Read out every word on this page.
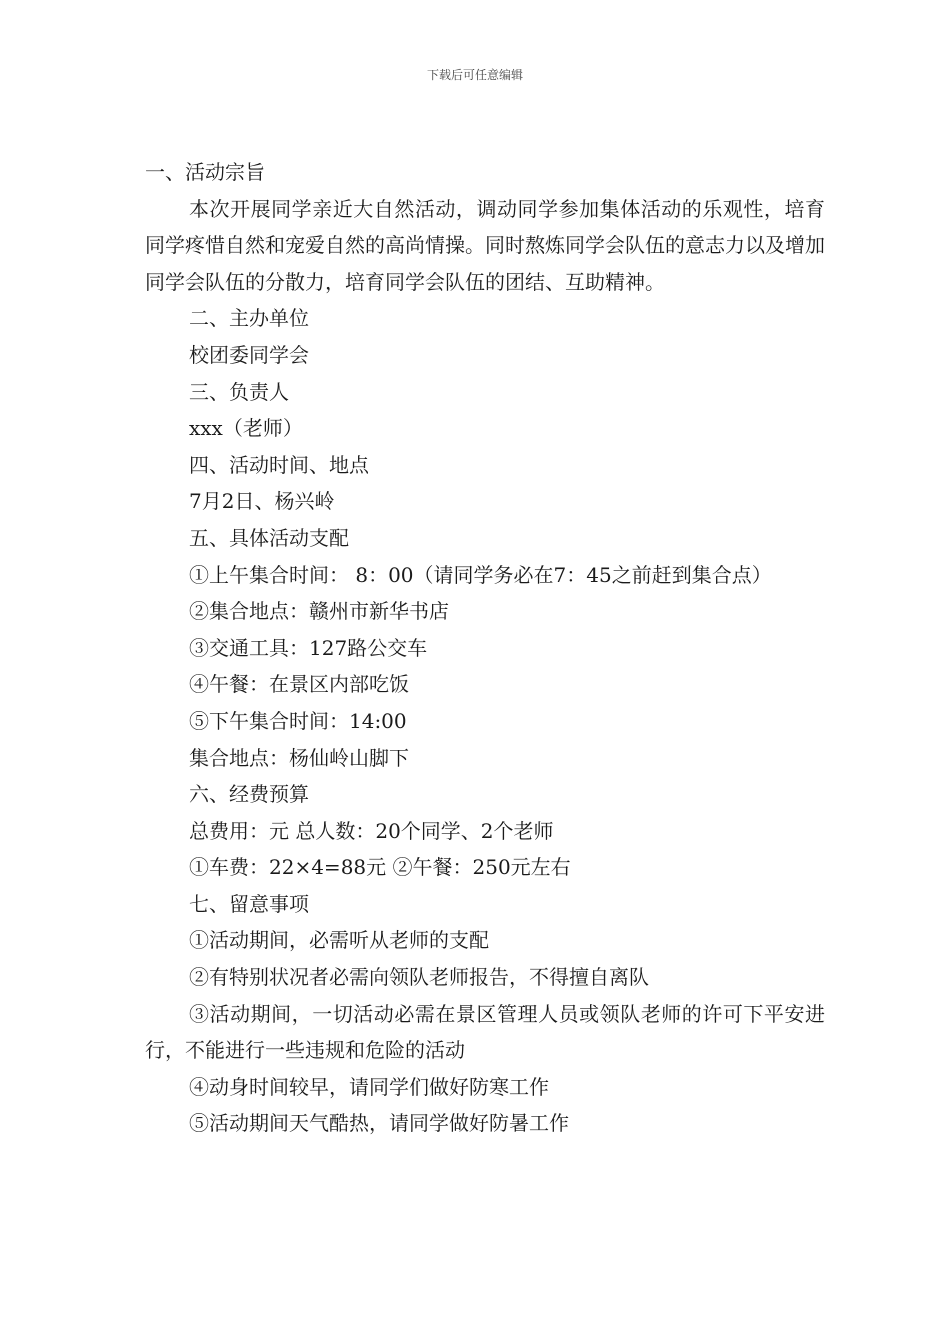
下载后可任意编辑
一、活动宗旨
本次开展同学亲近大自然活动，调动同学参加集体活动的乐观性，培育同学疼惜自然和宠爱自然的高尚情操。同时熬炼同学会队伍的意志力以及增加同学会队伍的分散力，培育同学会队伍的团结、互助精神。
二、主办单位
校团委同学会
三、负责人
xxx（老师）
四、活动时间、地点
7月2日、杨兴岭
五、具体活动支配
①上午集合时间： 8：00（请同学务必在7：45之前赶到集合点）
②集合地点：赣州市新华书店
③交通工具：127路公交车
④午餐：在景区内部吃饭
⑤下午集合时间：14:00
集合地点：杨仙岭山脚下
六、经费预算
总费用：元 总人数：20个同学、2个老师
①车费：22×4=88元 ②午餐：250元左右
七、留意事项
①活动期间，必需听从老师的支配
②有特别状况者必需向领队老师报告，不得擅自离队
③活动期间，一切活动必需在景区管理人员或领队老师的许可下平安进行，不能进行一些违规和危险的活动
④动身时间较早，请同学们做好防寒工作
⑤活动期间天气酷热，请同学做好防暑工作
